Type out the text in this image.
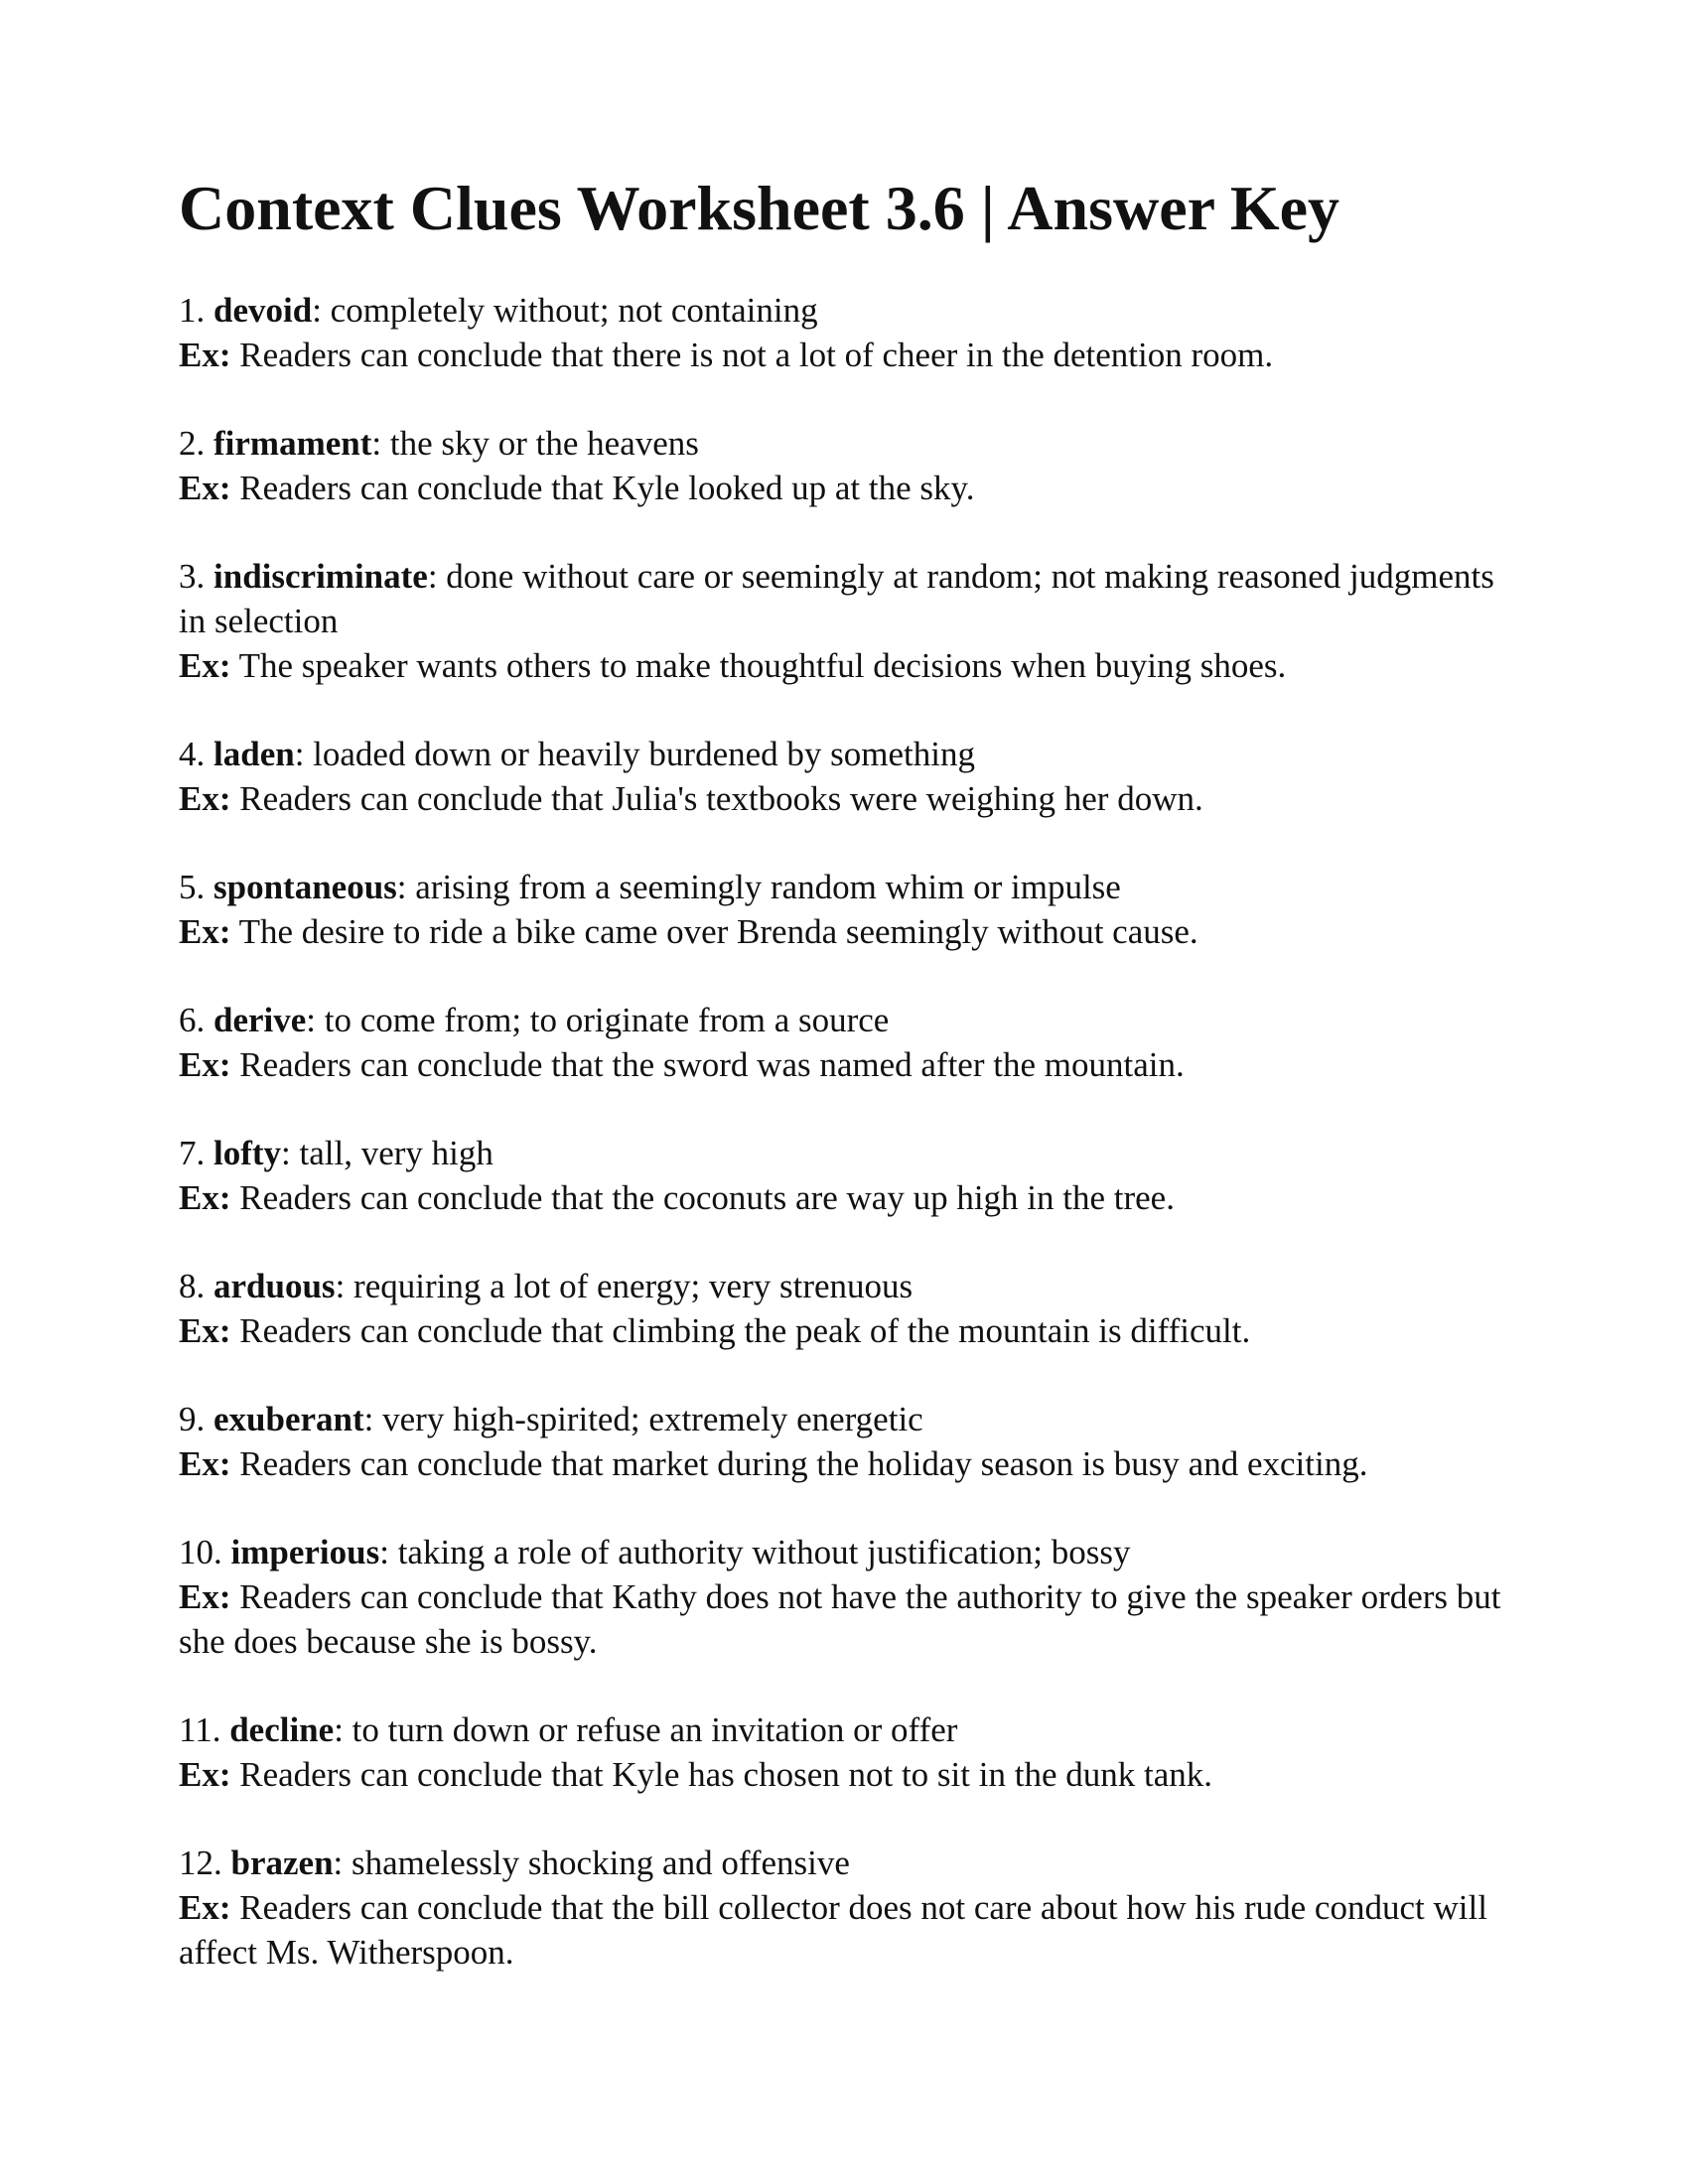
Context Clues Worksheet 3.6 | Answer Key
1. devoid: completely without; not containing
Ex: Readers can conclude that there is not a lot of cheer in the detention room.
2. firmament: the sky or the heavens
Ex: Readers can conclude that Kyle looked up at the sky.
3. indiscriminate: done without care or seemingly at random; not making reasoned judgments in selection
Ex: The speaker wants others to make thoughtful decisions when buying shoes.
4. laden: loaded down or heavily burdened by something
Ex: Readers can conclude that Julia's textbooks were weighing her down.
5. spontaneous: arising from a seemingly random whim or impulse
Ex: The desire to ride a bike came over Brenda seemingly without cause.
6. derive: to come from; to originate from a source
Ex: Readers can conclude that the sword was named after the mountain.
7. lofty: tall, very high
Ex: Readers can conclude that the coconuts are way up high in the tree.
8. arduous: requiring a lot of energy; very strenuous
Ex: Readers can conclude that climbing the peak of the mountain is difficult.
9. exuberant: very high-spirited; extremely energetic
Ex: Readers can conclude that market during the holiday season is busy and exciting.
10. imperious: taking a role of authority without justification; bossy
Ex: Readers can conclude that Kathy does not have the authority to give the speaker orders but she does because she is bossy.
11. decline: to turn down or refuse an invitation or offer
Ex: Readers can conclude that Kyle has chosen not to sit in the dunk tank.
12. brazen: shamelessly shocking and offensive
Ex: Readers can conclude that the bill collector does not care about how his rude conduct will affect Ms. Witherspoon.
